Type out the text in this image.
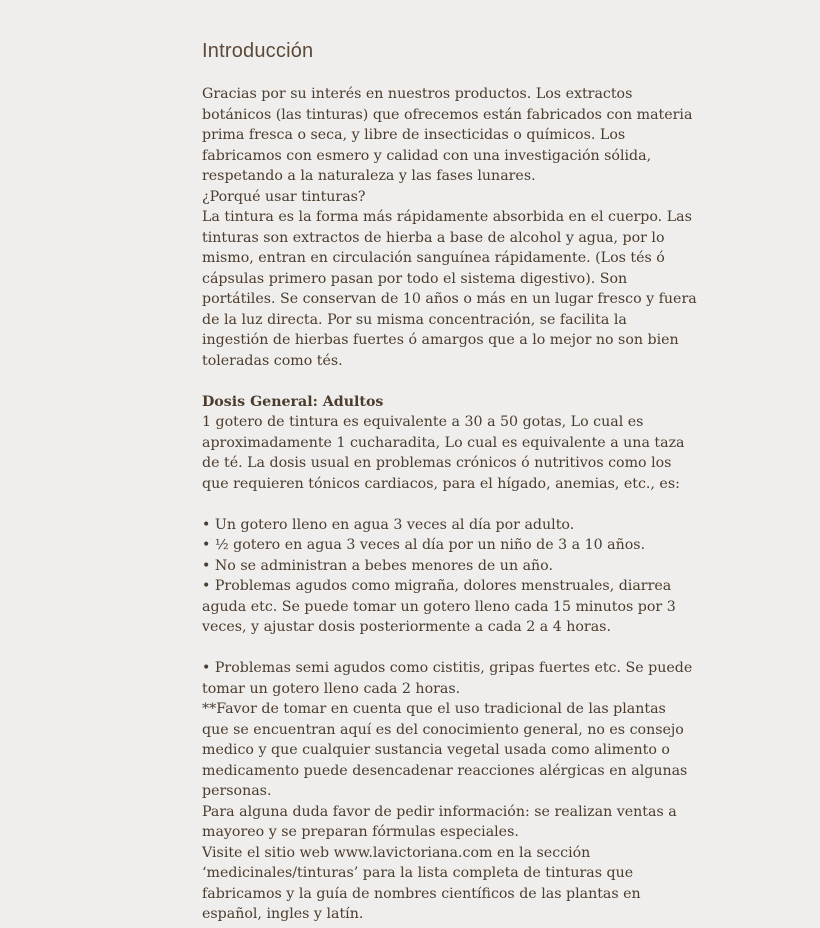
Introducción
Gracias por su interés en nuestros productos. Los extractos
botánicos (las tinturas) que ofrecemos están fabricados con materia
prima fresca o seca, y libre de insecticidas o químicos. Los
fabricamos con esmero y calidad con una investigación sólida,
respetando a la naturaleza y las fases lunares.
¿Porqué usar tinturas?
La tintura es la forma más rápidamente absorbida en el cuerpo. Las
tinturas son extractos de hierba a base de alcohol y agua, por lo
mismo, entran en circulación sanguínea rápidamente. (Los tés ó
cápsulas primero pasan por todo el sistema digestivo). Son
portátiles. Se conservan de 10 años o más en un lugar fresco y fuera
de la luz directa. Por su misma concentración, se facilita la
ingestión de hierbas fuertes ó amargos que a lo mejor no son bien
toleradas como tés.
Dosis General: Adultos
1 gotero de tintura es equivalente a 30 a 50 gotas, Lo cual es
aproximadamente 1 cucharadita, Lo cual es equivalente a una taza
de té. La dosis usual en problemas crónicos ó nutritivos como los
que requieren tónicos cardiacos, para el hígado, anemias, etc., es:
• Un gotero lleno en agua 3 veces al día por adulto.
• ½ gotero en agua 3 veces al día por un niño de 3 a 10 años.
• No se administran a bebes menores de un año.
• Problemas agudos como migraña, dolores menstruales, diarrea
aguda etc. Se puede tomar un gotero lleno cada 15 minutos por 3
veces, y ajustar dosis posteriormente a cada 2 a 4 horas.
• Problemas semi agudos como cistitis, gripas fuertes etc. Se puede
tomar un gotero lleno cada 2 horas.
**Favor de tomar en cuenta que el uso tradicional de las plantas
que se encuentran aquí es del conocimiento general, no es consejo
medico y que cualquier sustancia vegetal usada como alimento o
medicamento puede desencadenar reacciones alérgicas en algunas
personas.
Para alguna duda favor de pedir información: se realizan ventas a
mayoreo y se preparan fórmulas especiales.
Visite el sitio web www.lavictoriana.com en la sección
‘medicinales/tinturas’ para la lista completa de tinturas que
fabricamos y la guía de nombres científicos de las plantas en
español, ingles y latín.
